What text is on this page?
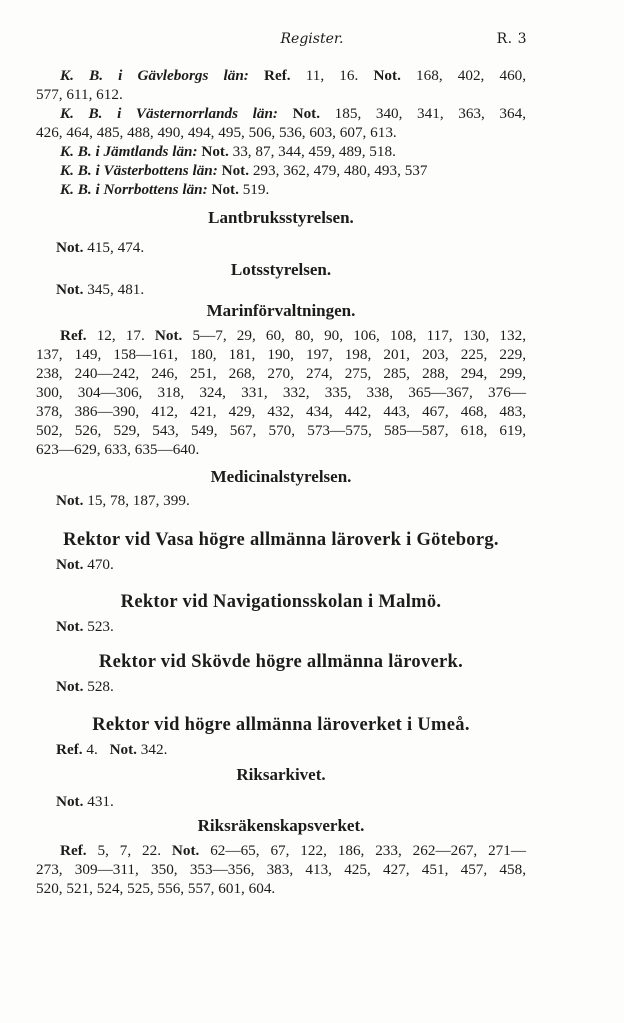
Register.	R. 3
K. B. i Gävleborgs län: Ref. 11, 16. Not. 168, 402, 460,
577, 611, 612.
K. B. i Västernorrlands län: Not. 185, 340, 341, 363, 364,
426, 464, 485, 488, 490, 494, 495, 506, 536, 603, 607, 613.
K. B. i Jämtlands län: Not. 33, 87, 344, 459, 489, 518.
K. B. i Västerbottens län: Not. 293, 362, 479, 480, 493, 537
K. B. i Norrbottens län: Not. 519.
Lantbruksstyrelsen.
Not. 415, 474.
Lotsstyrelsen.
Not. 345, 481.
Marinförvaltningen.
Ref. 12, 17. Not. 5—7, 29, 60, 80, 90, 106, 108, 117, 130, 132,
137, 149, 158—161, 180, 181, 190, 197, 198, 201, 203, 225, 229,
238, 240—242, 246, 251, 268, 270, 274, 275, 285, 288, 294, 299,
300, 304—306, 318, 324, 331, 332, 335, 338, 365—367, 376—
378, 386—390, 412, 421, 429, 432, 434, 442, 443, 467, 468, 483,
502, 526, 529, 543, 549, 567, 570, 573—575, 585—587, 618, 619,
623—629, 633, 635—640.
Medicinalstyrelsen.
Not. 15, 78, 187, 399.
Rektor vid Vasa högre allmänna läroverk i Göteborg.
Not. 470.
Rektor vid Navigationsskolan i Malmö.
Not. 523.
Rektor vid Skövde högre allmänna läroverk.
Not. 528.
Rektor vid högre allmänna läroverket i Umeå.
Ref. 4. Not. 342.
Riksarkivet.
Not. 431.
Riksräkenskapsverket.
Ref. 5, 7, 22. Not. 62—65, 67, 122, 186, 233, 262—267, 271—
273, 309—311, 350, 353—356, 383, 413, 425, 427, 451, 457, 458,
520, 521, 524, 525, 556, 557, 601, 604.
